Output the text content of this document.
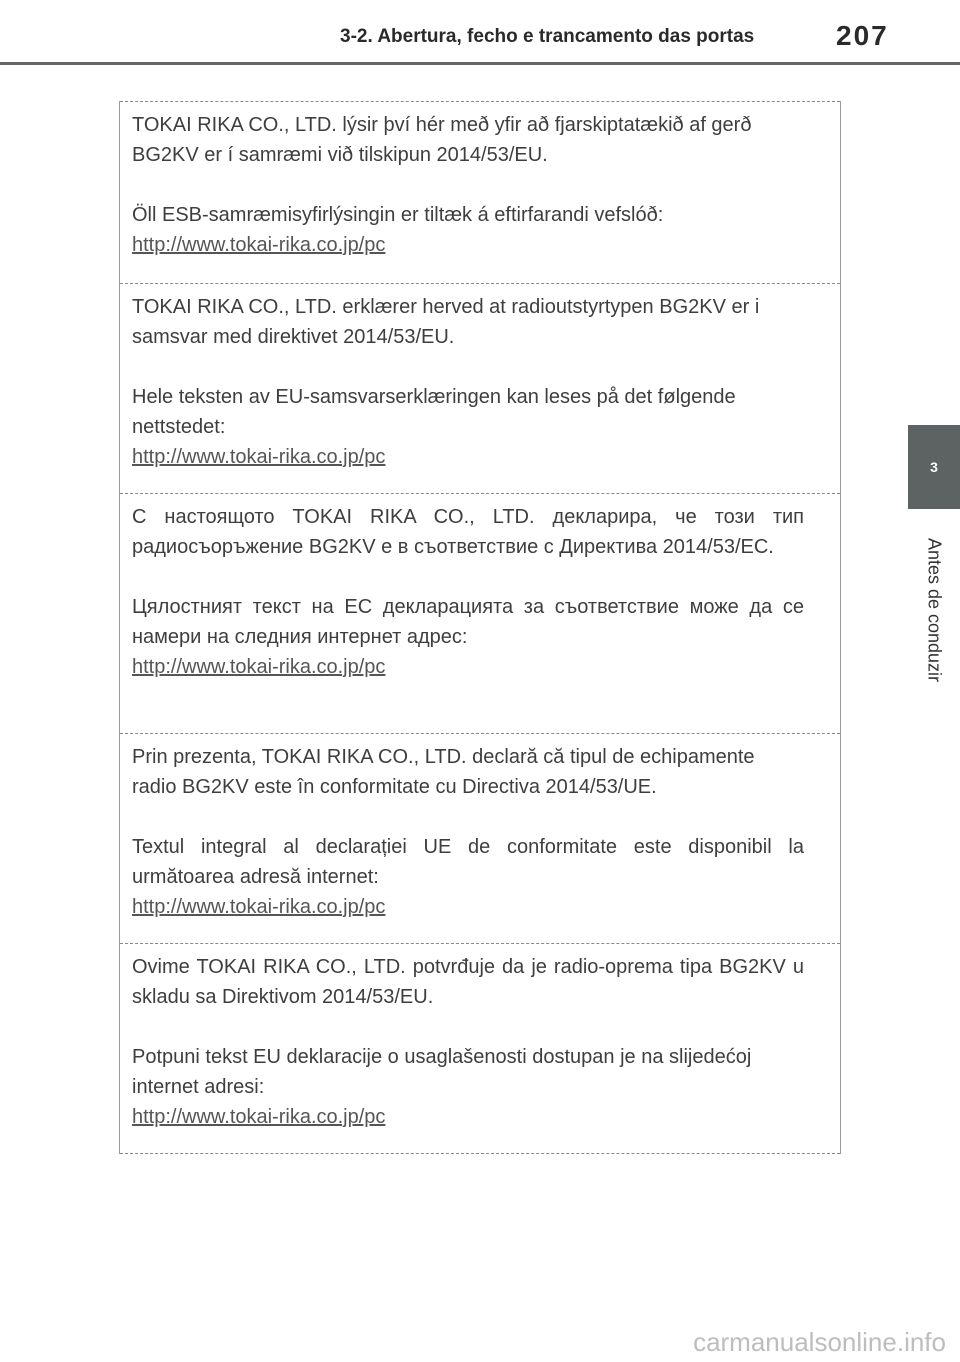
3-2. Abertura, fecho e trancamento das portas	207
3
Antes de conduzir

TOKAI RIKA CO., LTD. lýsir því hér með yfir að fjarskiptatækið af gerð BG2KV er í samræmi við tilskipun 2014/53/EU.

Öll ESB-samræmisyfirlýsingin er tiltæk á eftirfarandi vefslóð:

http://www.tokai-rika.co.jp/pc

TOKAI RIKA CO., LTD. erklærer herved at radioutstyrtypen BG2KV er i samsvar med direktivet 2014/53/EU.

Hele teksten av EU-samsvarserklæringen kan leses på det følgende nettstedet:

http://www.tokai-rika.co.jp/pc

С настоящото TOKAI RIKA CO., LTD. декларира, че този тип радиосъоръжение BG2KV е в съответствие с Директива 2014/53/ЕС.

Цялостният текст на ЕС декларацията за съответствие може да се намери на следния интернет адрес:

http://www.tokai-rika.co.jp/pc

Prin prezenta, TOKAI RIKA CO., LTD. declară că tipul de echipamente radio BG2KV este în conformitate cu Directiva 2014/53/UE.

Textul integral al declarației UE de conformitate este disponibil la următoarea adresă internet:

http://www.tokai-rika.co.jp/pc

Ovime TOKAI RIKA CO., LTD. potvrđuje da je radio-oprema tipa BG2KV u skladu sa Direktivom 2014/53/EU.

Potpuni tekst EU deklaracije o usaglašenosti dostupan je na slijedećoj internet adresi:

http://www.tokai-rika.co.jp/pc
carmanualsonline.info
